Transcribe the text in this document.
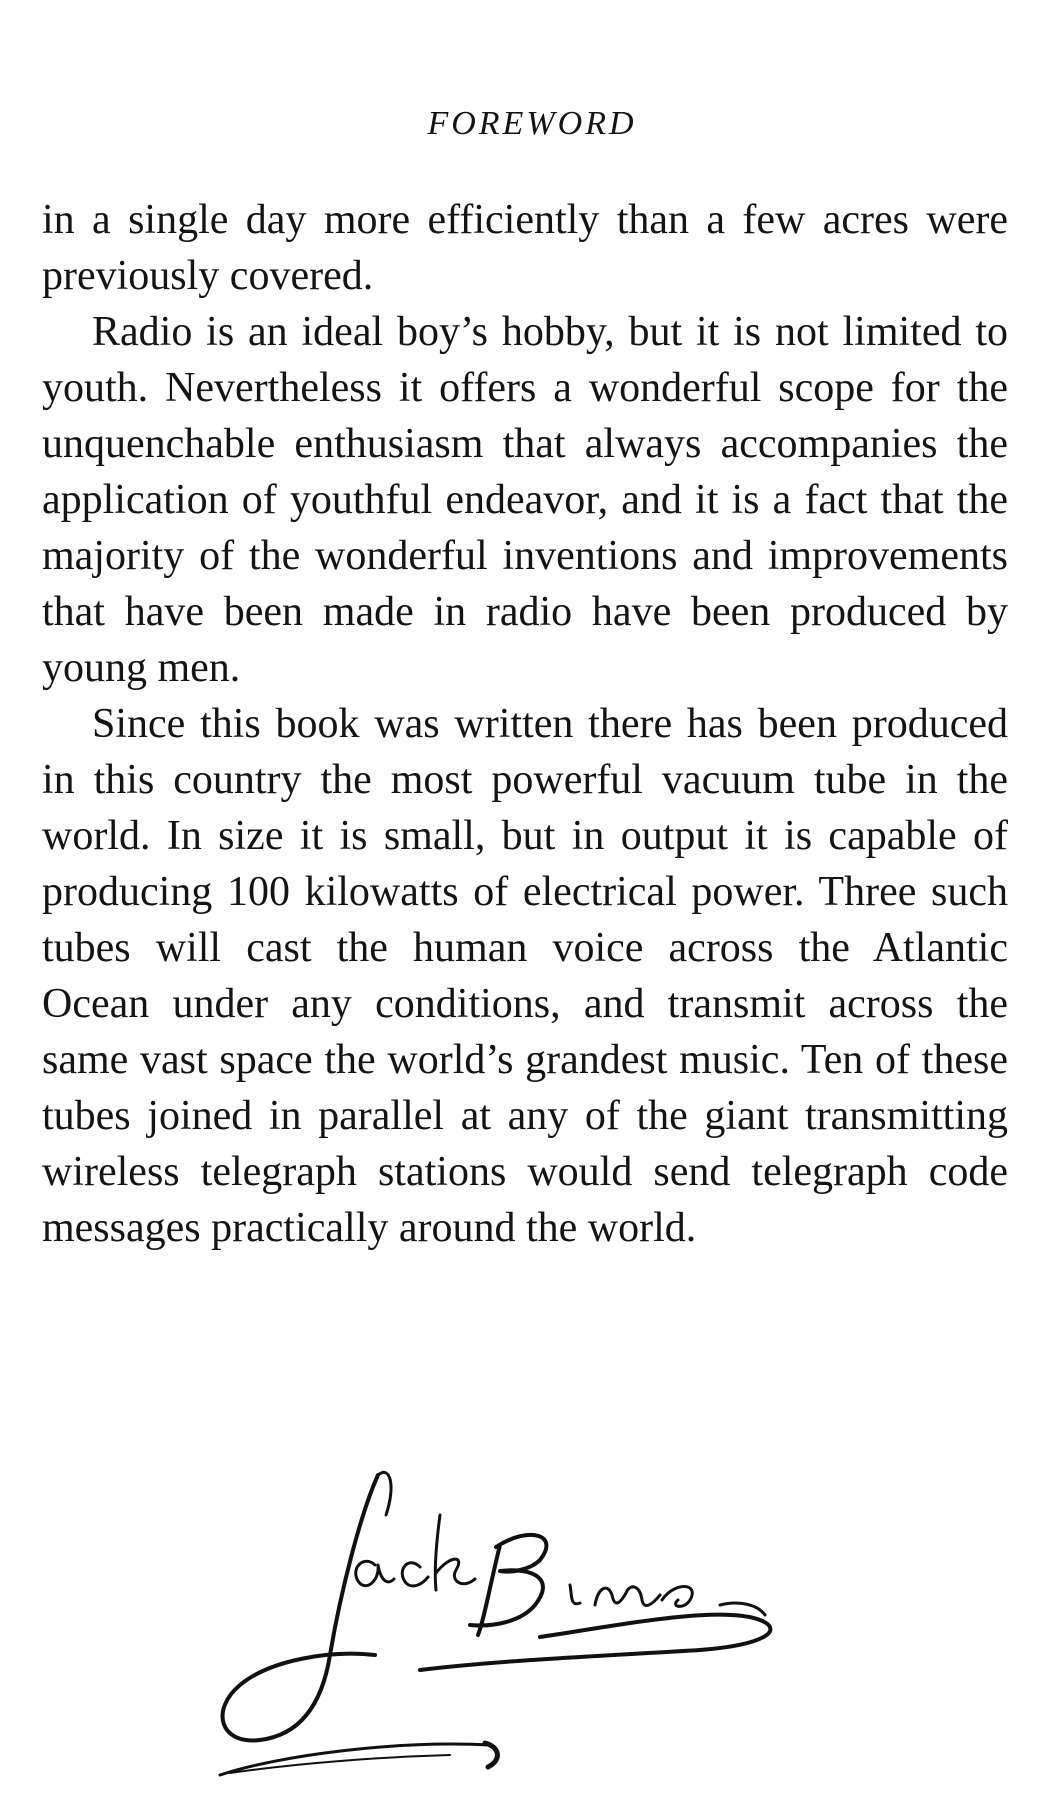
FOREWORD

in a single day more efficiently than a few acres were previously covered.

Radio is an ideal boy’s hobby, but it is not limited to youth. Nevertheless it offers a wonderful scope for the unquenchable enthusiasm that always accompanies the application of youthful endeavor, and it is a fact that the majority of the wonderful inventions and improvements that have been made in radio have been produced by young men.

Since this book was written there has been produced in this country the most powerful vacuum tube in the world. In size it is small, but in output it is capable of producing 100 kilowatts of electrical power. Three such tubes will cast the human voice across the Atlantic Ocean under any conditions, and transmit across the same vast space the world’s grandest music. Ten of these tubes joined in parallel at any of the giant transmitting wireless telegraph stations would send telegraph code messages practically around the world.
